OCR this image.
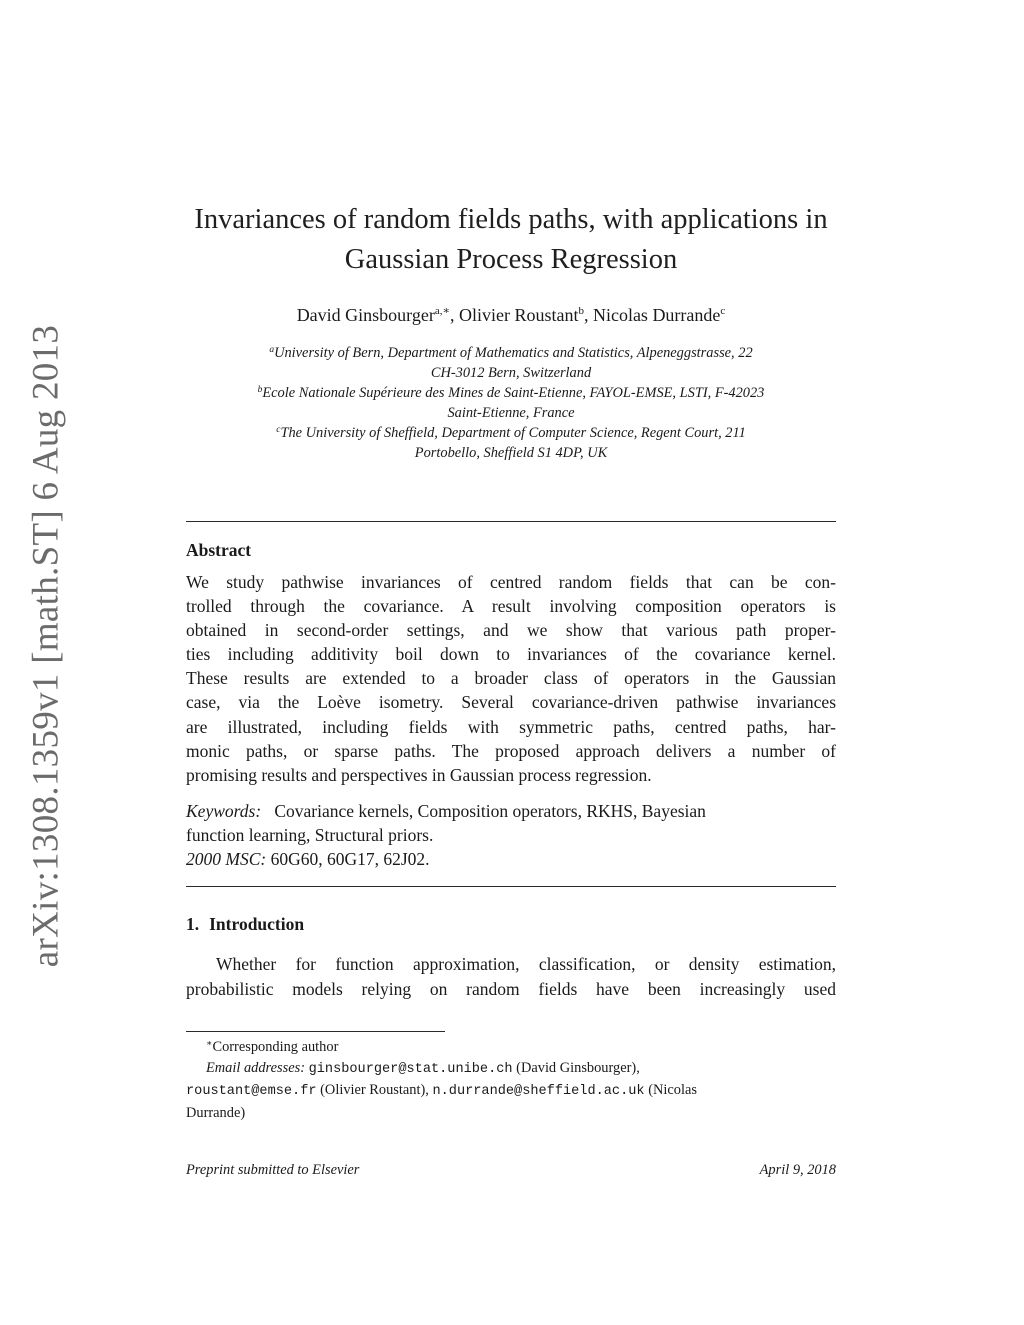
arXiv:1308.1359v1 [math.ST] 6 Aug 2013
Invariances of random fields paths, with applications in
Gaussian Process Regression
David Ginsbourger$^{a,∗}$, Olivier Roustant$^b$, Nicolas Durrande$^c$
$^a$University of Bern, Department of Mathematics and Statistics, Alpeneggstrasse, 22
CH-3012 Bern, Switzerland
$^b$Ecole Nationale Supérieure des Mines de Saint-Etienne, FAYOL-EMSE, LSTI, F-42023
Saint-Etienne, France
$^c$The University of Sheffield, Department of Computer Science, Regent Court, 211
Portobello, Sheffield S1 4DP, UK
Abstract
We study pathwise invariances of centred random fields that can be con-
trolled through the covariance. A result involving composition operators is
obtained in second-order settings, and we show that various path proper-
ties including additivity boil down to invariances of the covariance kernel.
These results are extended to a broader class of operators in the Gaussian
case, via the Loève isometry. Several covariance-driven pathwise invariances
are illustrated, including fields with symmetric paths, centred paths, har-
monic paths, or sparse paths. The proposed approach delivers a number of
promising results and perspectives in Gaussian process regression.
Keywords: Covariance kernels, Composition operators, RKHS, Bayesian
function learning, Structural priors.
2000 MSC: 60G60, 60G17, 62J02.
1. Introduction
Whether for function approximation, classification, or density estimation,
probabilistic models relying on random fields have been increasingly used
∗Corresponding author
Email addresses: ginsbourger@stat.unibe.ch (David Ginsbourger),
roustant@emse.fr (Olivier Roustant), n.durrande@sheffield.ac.uk (Nicolas
Durrande)
Preprint submitted to Elsevier	April 9, 2018
